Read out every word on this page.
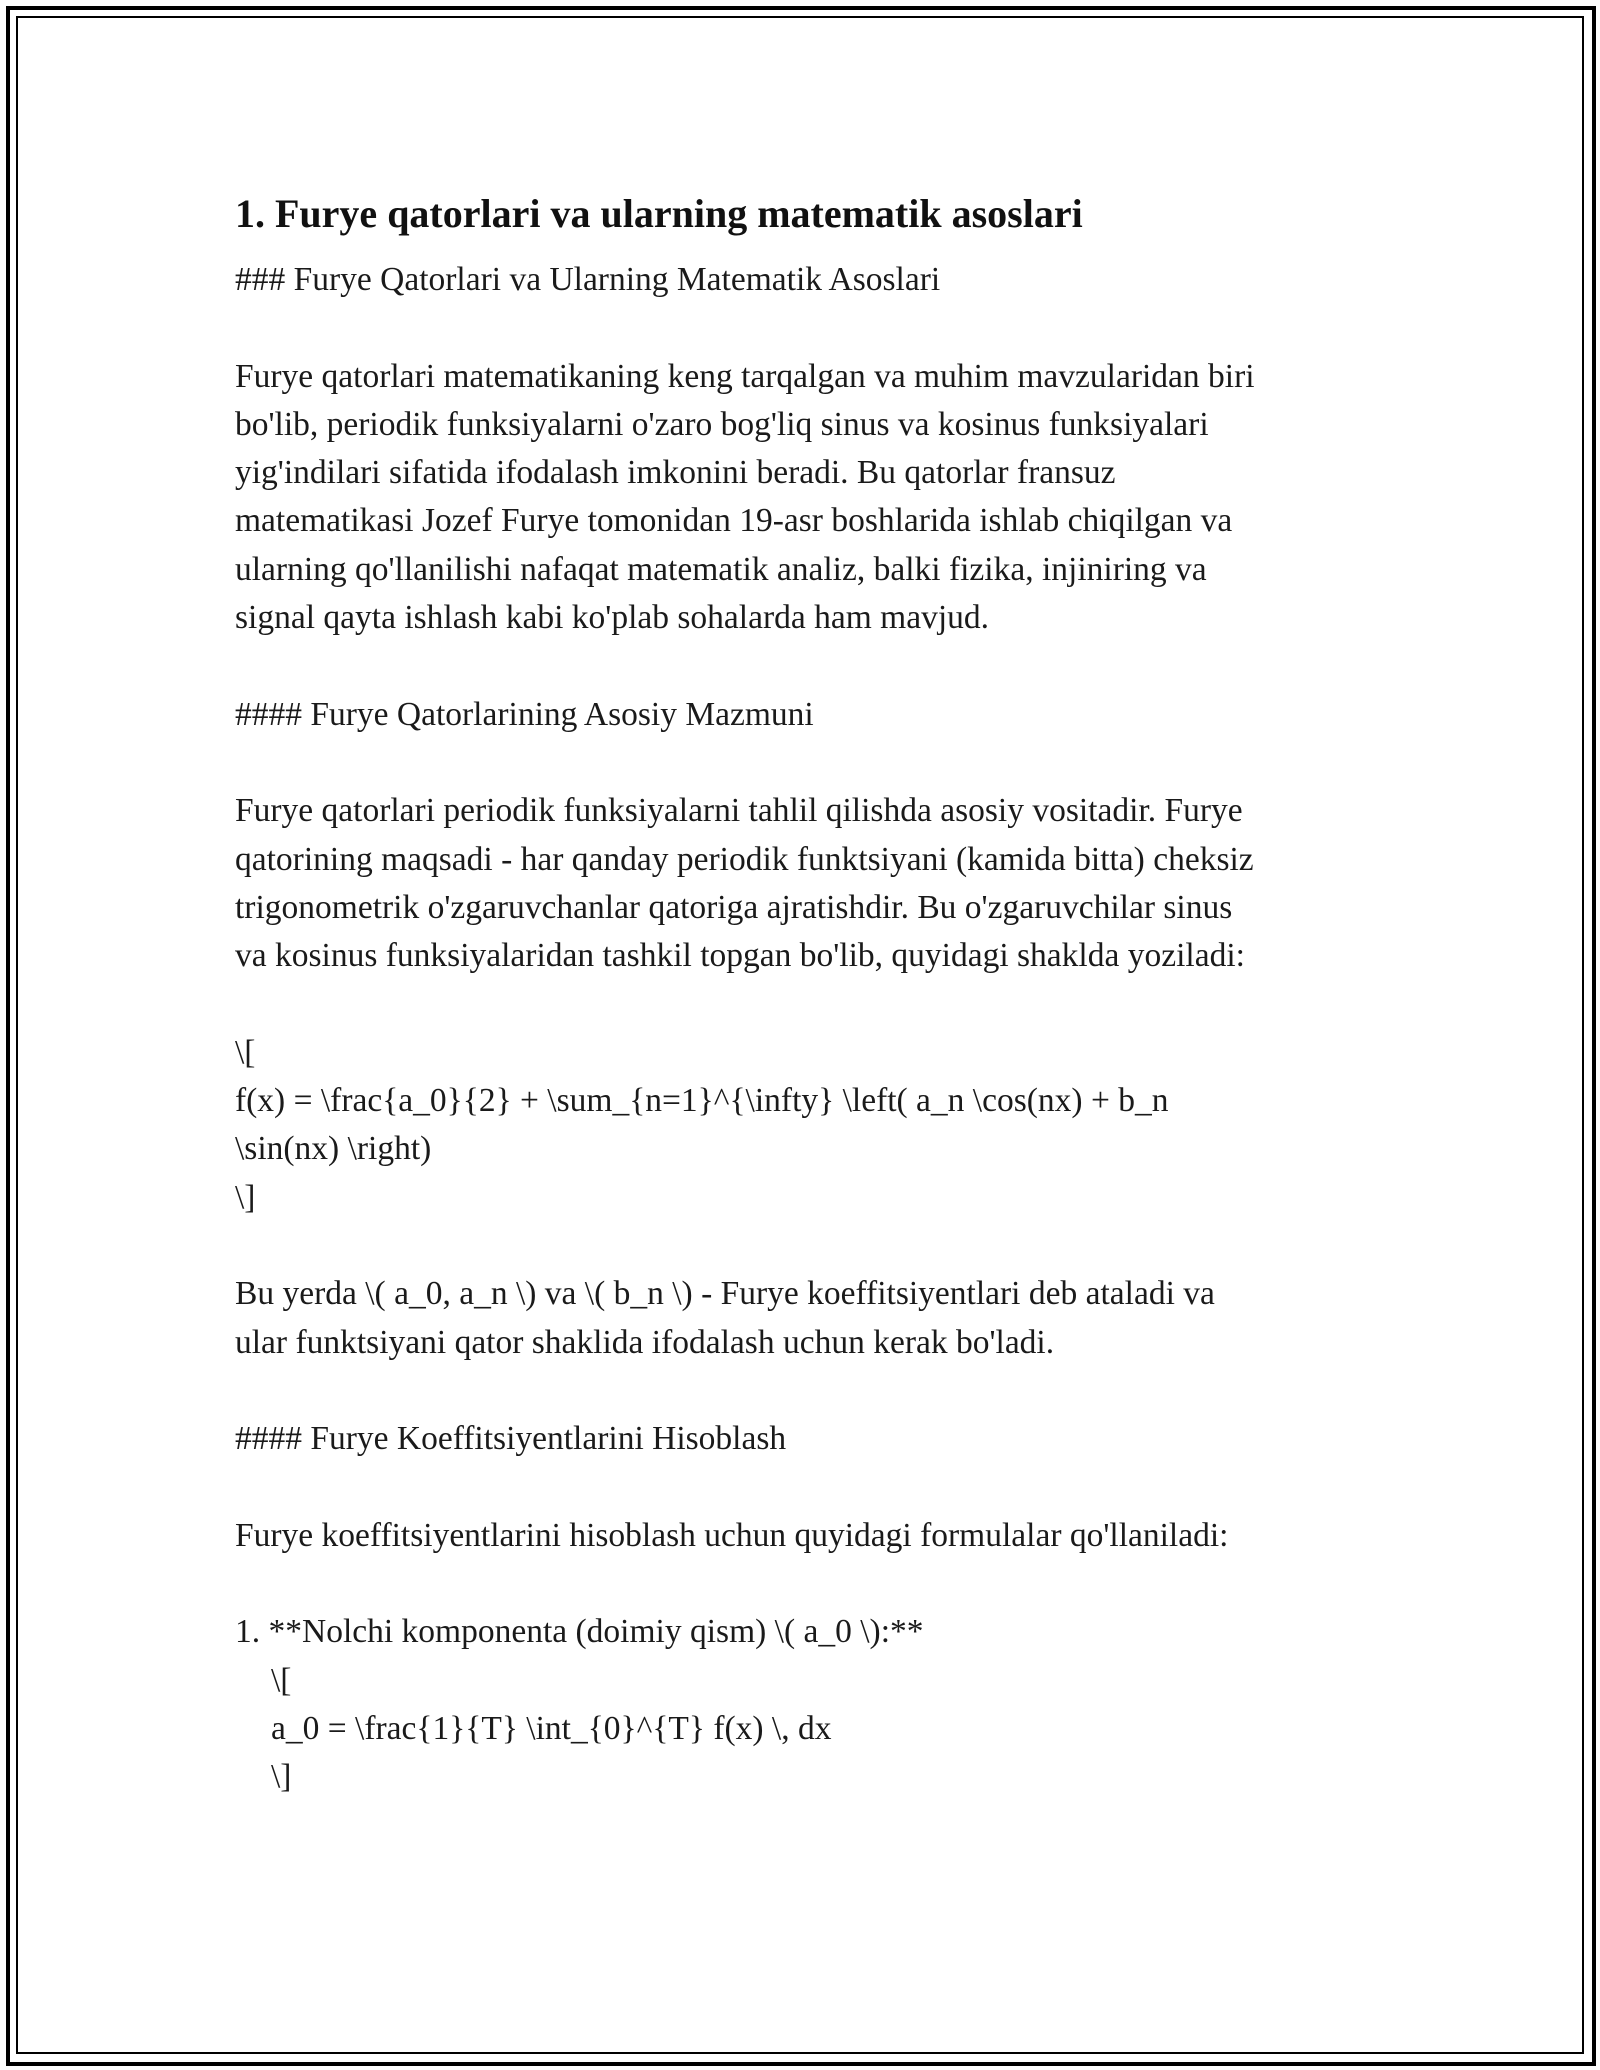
1. Furye qatorlari va ularning matematik asoslari
### Furye Qatorlari va Ularning Matematik Asoslari
Furye qatorlari matematikaning keng tarqalgan va muhim mavzularidan biri
bo'lib, periodik funksiyalarni o'zaro bog'liq sinus va kosinus funksiyalari
yig'indilari sifatida ifodalash imkonini beradi. Bu qatorlar fransuz
matematikasi Jozef Furye tomonidan 19-asr boshlarida ishlab chiqilgan va
ularning qo'llanilishi nafaqat matematik analiz, balki fizika, injiniring va
signal qayta ishlash kabi ko'plab sohalarda ham mavjud.
#### Furye Qatorlarining Asosiy Mazmuni
Furye qatorlari periodik funksiyalarni tahlil qilishda asosiy vositadir. Furye
qatorining maqsadi - har qanday periodik funktsiyani (kamida bitta) cheksiz
trigonometrik o'zgaruvchanlar qatoriga ajratishdir. Bu o'zgaruvchilar sinus
va kosinus funksiyalaridan tashkil topgan bo'lib, quyidagi shaklda yoziladi:
\[
f(x) = \frac{a_0}{2} + \sum_{n=1}^{\infty} \left( a_n \cos(nx) + b_n
\sin(nx) \right)
\]
Bu yerda \( a_0, a_n \) va \( b_n \) - Furye koeffitsiyentlari deb ataladi va
ular funktsiyani qator shaklida ifodalash uchun kerak bo'ladi.
#### Furye Koeffitsiyentlarini Hisoblash
Furye koeffitsiyentlarini hisoblash uchun quyidagi formulalar qo'llaniladi:
1. **Nolchi komponenta (doimiy qism) \( a_0 \):**
\[
a_0 = \frac{1}{T} \int_{0}^{T} f(x) \, dx
\]
